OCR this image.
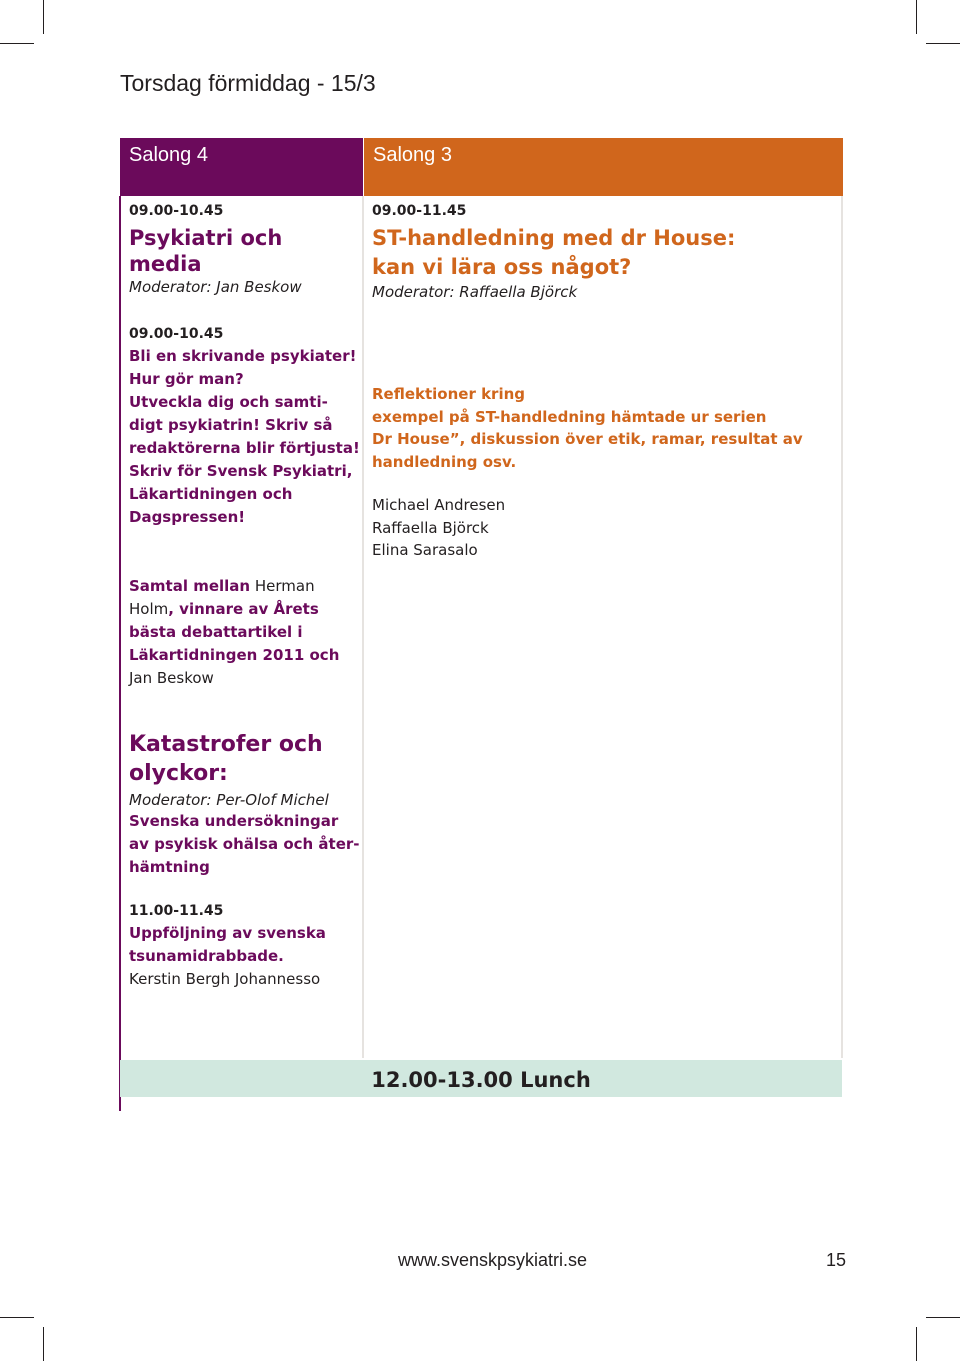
Torsdag förmiddag - 15/3
Salong 4	Salong 3

09.00-10.45

Psykiatri och media

Moderator: Jan Beskow

09.00-10.45

Bli en skrivande psykiater!

Hur gör man?

Utveckla dig och samti-

digt psykiatrin! Skriv så

redaktörerna blir förtjusta!

Skriv för Svensk Psykiatri,

Läkartidningen och

Dagspressen!

Samtal mellan Herman

Holm, vinnare av Årets

bästa debattartikel i

Läkartidningen 2011 och

Jan Beskow

09.00-11.45

ST-handledning med dr House:

kan vi lära oss något?

Moderator: Raffaella Björck

Reflektioner kring

exempel på ST-handledning hämtade ur serien

Dr House”, diskussion över etik, ramar, resultat av

handledning osv.

Michael Andresen

Raffaella Björck

Elina Sarasalo

Katastrofer och

olyckor:

Moderator: Per-Olof Michel

Svenska undersökningar

av psykisk ohälsa och åter-

hämtning

11.00-11.45

Uppföljning av svenska

tsunamidrabbade.

Kerstin Bergh Johannesso

12.00-13.00 Lunch

www.svenskpsykiatri.se	15
